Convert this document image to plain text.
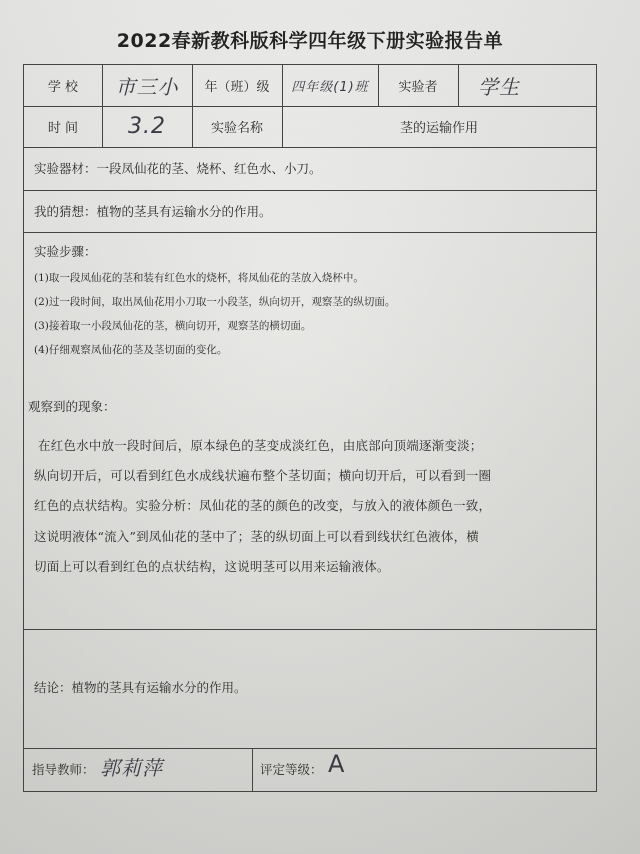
2022春新教科版科学四年级下册实验报告单
学 校	市三小	年（班）级	四年级(1)班	实验者	学生
时 间	3.2	实验名称	茎的运输作用
实验器材：一段凤仙花的茎、烧杯、红色水、小刀。
我的猜想：植物的茎具有运输水分的作用。
实验步骤：
(1)取一段凤仙花的茎和装有红色水的烧杯，将凤仙花的茎放入烧杯中。
(2)过一段时间，取出凤仙花用小刀取一小段茎，纵向切开，观察茎的纵切面。
(3)接着取一小段凤仙花的茎，横向切开，观察茎的横切面。
(4)仔细观察凤仙花的茎及茎切面的变化。
观察到的现象：
在红色水中放一段时间后，原本绿色的茎变成淡红色，由底部向顶端逐渐变淡；
纵向切开后，可以看到红色水成线状遍布整个茎切面；横向切开后，可以看到一圈
红色的点状结构。实验分析：凤仙花的茎的颜色的改变，与放入的液体颜色一致，
这说明液体“流入”到凤仙花的茎中了；茎的纵切面上可以看到线状红色液体，横
切面上可以看到红色的点状结构，这说明茎可以用来运输液体。
结论：植物的茎具有运输水分的作用。
指导教师： 郭莉萍	评定等级： A
